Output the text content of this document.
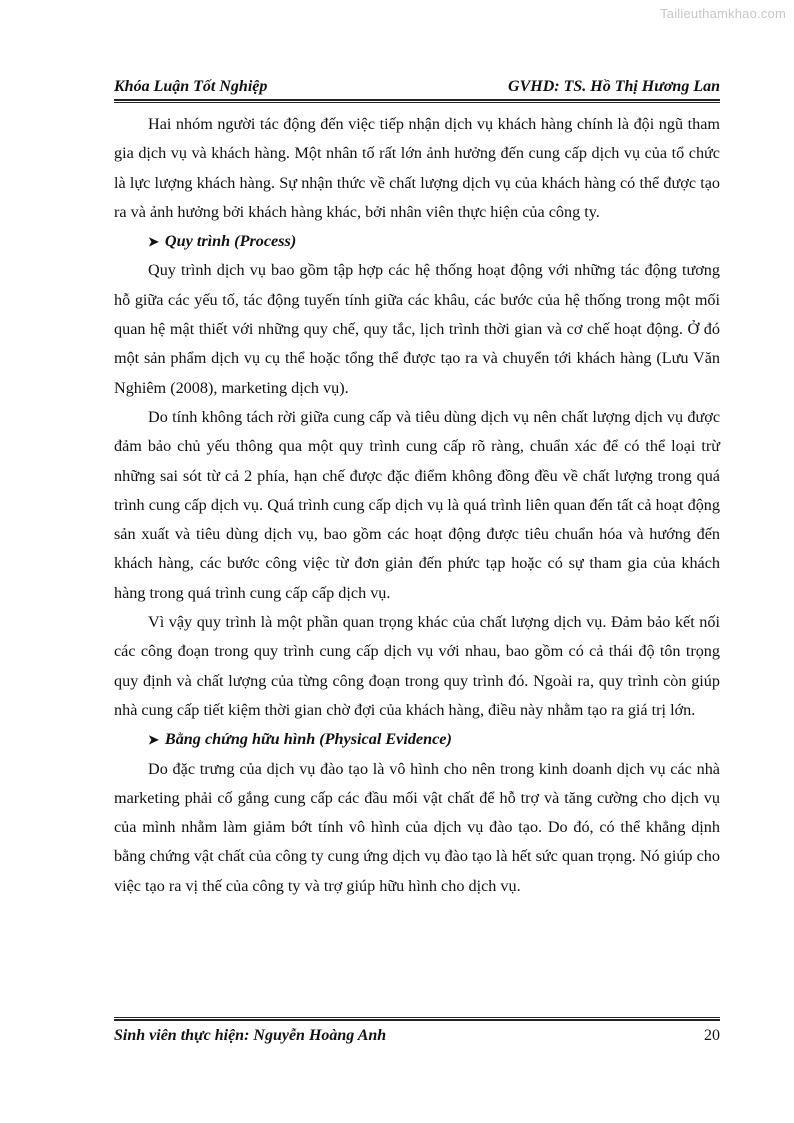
Tailieuthamkhao.com
Khóa Luận Tốt Nghiệp	GVHD: TS. Hồ Thị Hương Lan

Hai nhóm người tác động đến việc tiếp nhận dịch vụ khách hàng chính là đội ngũ tham gia dịch vụ và khách hàng. Một nhân tố rất lớn ảnh hưởng đến cung cấp dịch vụ của tổ chức là lực lượng khách hàng. Sự nhận thức về chất lượng dịch vụ của khách hàng có thể được tạo ra và ảnh hưởng bởi khách hàng khác, bởi nhân viên thực hiện của công ty.

➤ Quy trình (Process)

Quy trình dịch vụ bao gồm tập hợp các hệ thống hoạt động với những tác động tương hỗ giữa các yếu tố, tác động tuyến tính giữa các khâu, các bước của hệ thống trong một mối quan hệ mật thiết với những quy chế, quy tắc, lịch trình thời gian và cơ chế hoạt động. Ở đó một sản phẩm dịch vụ cụ thể hoặc tổng thể được tạo ra và chuyển tới khách hàng (Lưu Văn Nghiêm (2008), marketing dịch vụ).

Do tính không tách rời giữa cung cấp và tiêu dùng dịch vụ nên chất lượng dịch vụ được đảm bảo chủ yếu thông qua một quy trình cung cấp rõ ràng, chuẩn xác để có thể loại trừ những sai sót từ cả 2 phía, hạn chế được đặc điểm không đồng đều về chất lượng trong quá trình cung cấp dịch vụ. Quá trình cung cấp dịch vụ là quá trình liên quan đến tất cả hoạt động sản xuất và tiêu dùng dịch vụ, bao gồm các hoạt động được tiêu chuẩn hóa và hướng đến khách hàng, các bước công việc từ đơn giản đến phức tạp hoặc có sự tham gia của khách hàng trong quá trình cung cấp cấp dịch vụ.

Vì vậy quy trình là một phần quan trọng khác của chất lượng dịch vụ. Đảm bảo kết nối các công đoạn trong quy trình cung cấp dịch vụ với nhau, bao gồm có cả thái độ tôn trọng quy định và chất lượng của từng công đoạn trong quy trình đó. Ngoài ra, quy trình còn giúp nhà cung cấp tiết kiệm thời gian chờ đợi của khách hàng, điều này nhằm tạo ra giá trị lớn.

➤ Bằng chứng hữu hình (Physical Evidence)

Do đặc trưng của dịch vụ đào tạo là vô hình cho nên trong kinh doanh dịch vụ các nhà marketing phải cố gắng cung cấp các đầu mối vật chất để hỗ trợ và tăng cường cho dịch vụ của mình nhằm làm giảm bớt tính vô hình của dịch vụ đào tạo. Do đó, có thể khẳng dịnh bằng chứng vật chất của công ty cung ứng dịch vụ đào tạo là hết sức quan trọng. Nó giúp cho việc tạo ra vị thế của công ty và trợ giúp hữu hình cho dịch vụ.

Sinh viên thực hiện: Nguyễn Hoàng Anh	20
